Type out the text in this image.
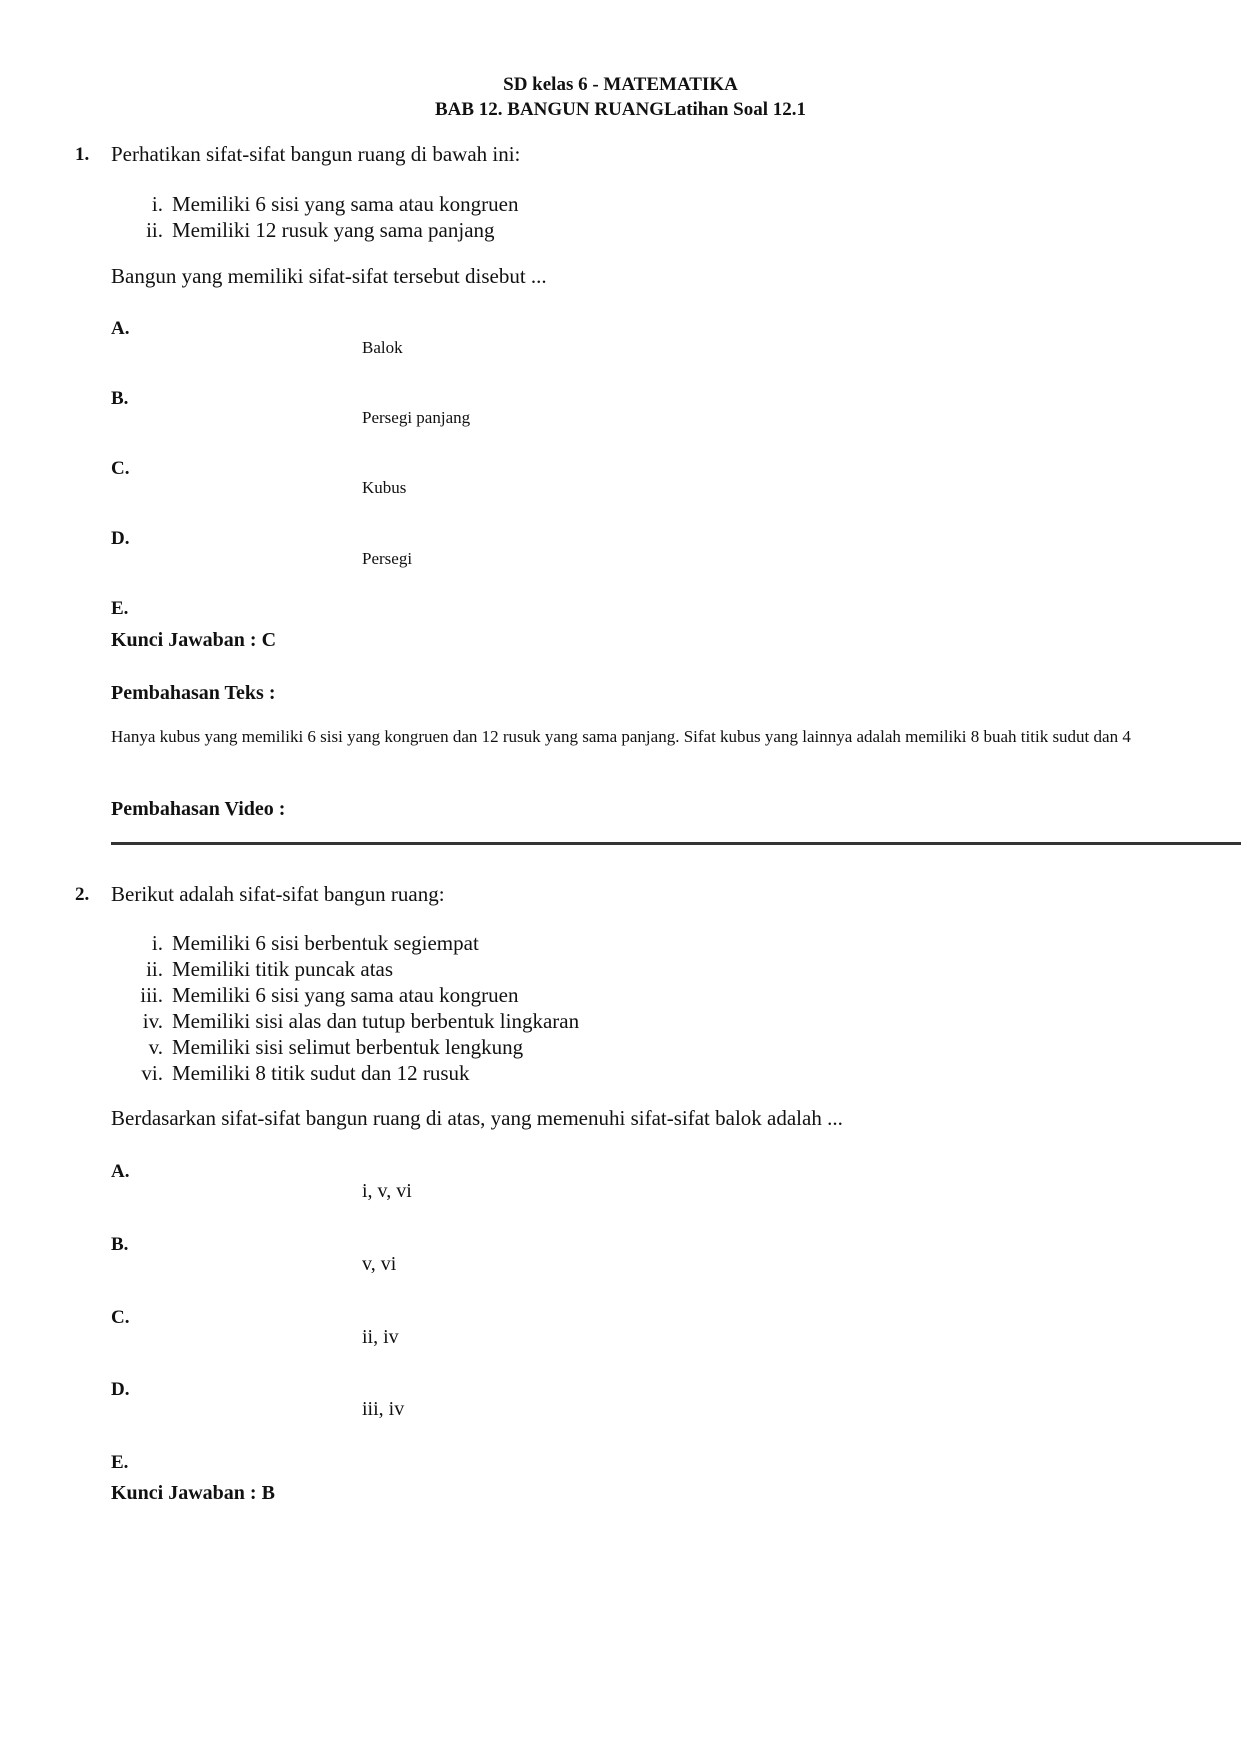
SD kelas 6 - MATEMATIKA
BAB 12. BANGUN RUANGLatihan Soal 12.1
1. Perhatikan sifat-sifat bangun ruang di bawah ini:
i. Memiliki 6 sisi yang sama atau kongruen
ii. Memiliki 12 rusuk yang sama panjang
Bangun yang memiliki sifat-sifat tersebut disebut ...
A.
Balok
B.
Persegi panjang
C.
Kubus
D.
Persegi
E.
Kunci Jawaban : C
Pembahasan Teks :
Hanya kubus yang memiliki 6 sisi yang kongruen dan 12 rusuk yang sama panjang. Sifat kubus yang lainnya adalah memiliki 8 buah titik sudut dan 4
Pembahasan Video :
2. Berikut adalah sifat-sifat bangun ruang:
i. Memiliki 6 sisi berbentuk segiempat
ii. Memiliki titik puncak atas
iii. Memiliki 6 sisi yang sama atau kongruen
iv. Memiliki sisi alas dan tutup berbentuk lingkaran
v. Memiliki sisi selimut berbentuk lengkung
vi. Memiliki 8 titik sudut dan 12 rusuk
Berdasarkan sifat-sifat bangun ruang di atas, yang memenuhi sifat-sifat balok adalah ...
A.
i, v, vi
B.
v, vi
C.
ii, iv
D.
iii, iv
E.
Kunci Jawaban : B
